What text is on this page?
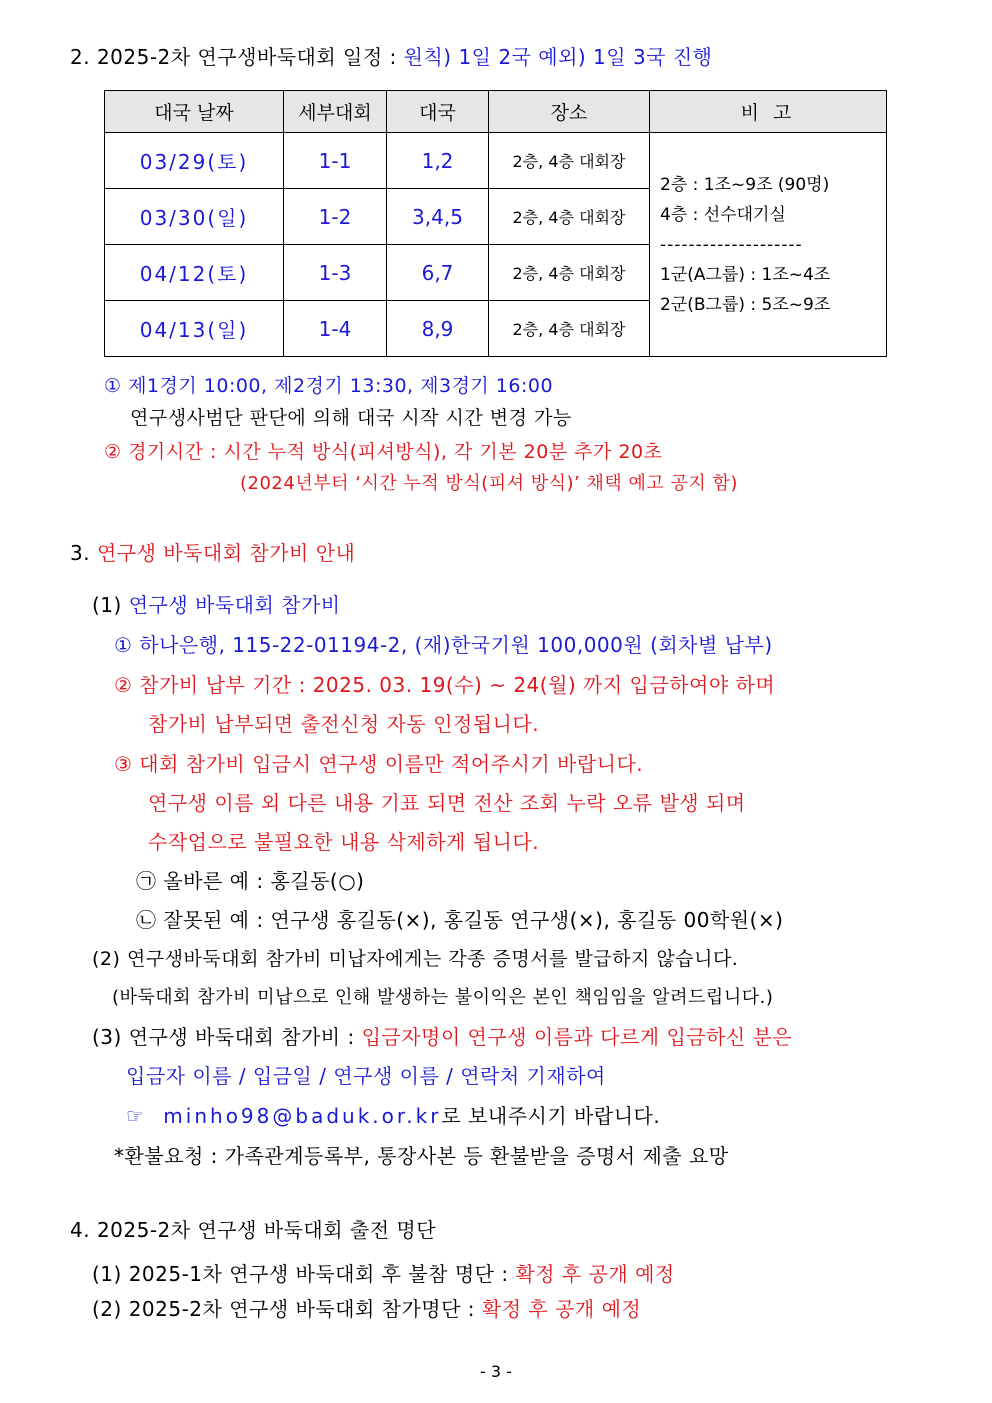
2. 2025-2차 연구생바둑대회 일정 : 원칙) 1일 2국 예외) 1일 3국 진행
대국 날짜	세부대회	대국	장소	비 고
03/29(토)	1-1	1,2	2층, 4층 대회장	2층 : 1조~9조 (90명)
4층 : 선수대기실
--------------------
1군(A그룹) : 1조~4조
2군(B그룹) : 5조~9조

03/30(일)	1-2	3,4,5	2층, 4층 대회장	
04/12(토)	1-3	6,7	2층, 4층 대회장	
04/13(일)	1-4	8,9	2층, 4층 대회장	
① 제1경기 10:00, 제2경기 13:30, 제3경기 16:00
연구생사범단 판단에 의해 대국 시작 시간 변경 가능
② 경기시간 : 시간 누적 방식(피셔방식), 각 기본 20분 추가 20초
(2024년부터 ‘시간 누적 방식(피셔 방식)’ 채택 예고 공지 함)
3. 연구생 바둑대회 참가비 안내
(1) 연구생 바둑대회 참가비
① 하나은행, 115-22-01194-2, (재)한국기원 100,000원 (회차별 납부)
② 참가비 납부 기간 : 2025. 03. 19(수) ~ 24(월) 까지 입금하여야 하며
참가비 납부되면 출전신청 자동 인정됩니다.
③ 대회 참가비 입금시 연구생 이름만 적어주시기 바랍니다.
연구생 이름 외 다른 내용 기표 되면 전산 조회 누락 오류 발생 되며
수작업으로 불필요한 내용 삭제하게 됩니다.
㉠ 올바른 예 : 홍길동(○)
㉡ 잘못된 예 : 연구생 홍길동(×), 홍길동 연구생(×), 홍길동 00학원(×)
(2) 연구생바둑대회 참가비 미납자에게는 각종 증명서를 발급하지 않습니다.
(바둑대회 참가비 미납으로 인해 발생하는 불이익은 본인 책임임을 알려드립니다.)
(3) 연구생 바둑대회 참가비 : 입금자명이 연구생 이름과 다르게 입금하신 분은
입금자 이름 / 입금일 / 연구생 이름 / 연락처 기재하여
☞ minho98@baduk.or.kr로 보내주시기 바랍니다.
*환불요청 : 가족관계등록부, 통장사본 등 환불받을 증명서 제출 요망
4. 2025-2차 연구생 바둑대회 출전 명단
(1) 2025-1차 연구생 바둑대회 후 불참 명단 : 확정 후 공개 예정
(2) 2025-2차 연구생 바둑대회 참가명단 : 확정 후 공개 예정
- 3 -
